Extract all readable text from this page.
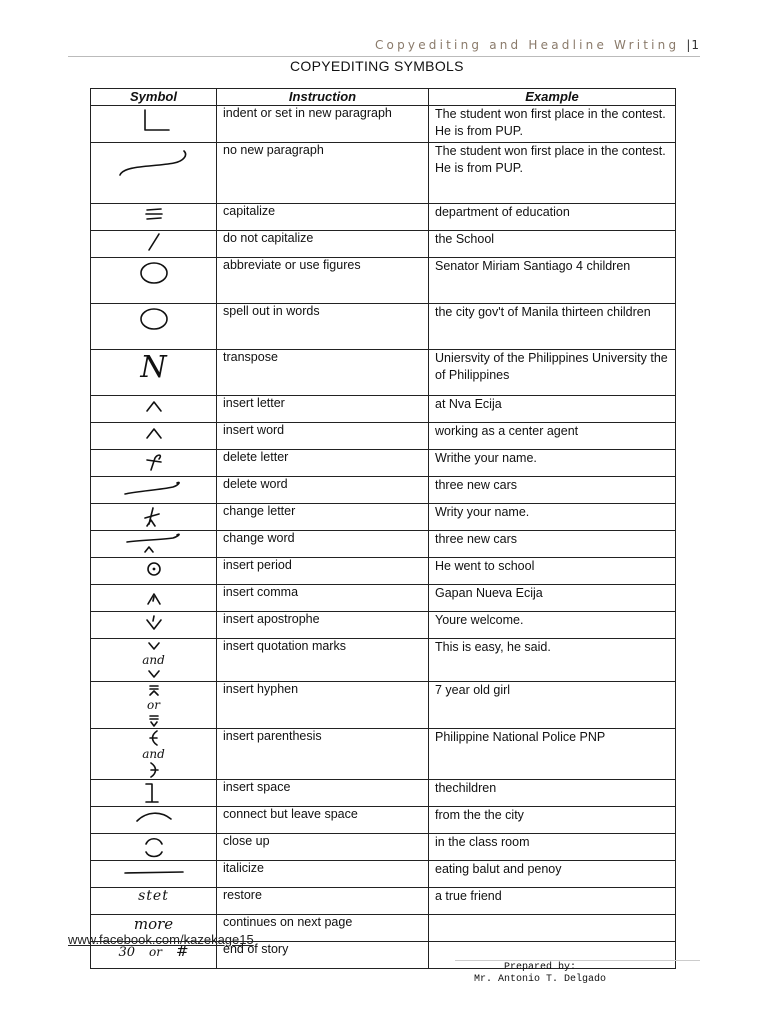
Copyediting and Headline Writing |1
COPYEDITING SYMBOLS
Symbol	Instruction	Example

	indent or set in new paragraph	The student won first place in the contest. He is from PUP.

	no new paragraph	The student won first place in the contest. He is from PUP.

	capitalize	department of education

	do not capitalize	the School

	abbreviate or use figures	Senator Miriam Santiago 4 children

	spell out in words	the city gov't of Manila thirteen children
N	transpose	Uniersvity of the Philippines University the of Philippines

	insert letter	at Nva Ecija

	insert word	working as a center agent

	delete letter	Writhe your name.

	delete word	three new cars

	change letter	Writy your name.

	change word	three new cars

	insert period	He went to school

	insert comma	Gapan Nueva Ecija

	insert apostrophe	Youre welcome.

and	insert quotation marks	This is easy, he said.

or	insert hyphen	7 year old girl

and	insert parenthesis	Philippine National Police PNP

	insert space	thechildren

	connect but leave space	from the the city

	close up	in the class room

	italicize	eating balut and penoy
stet	restore	a true friend
more	continues on next page	
30 or #	end of story	
www.facebook.com/kazekage15
Prepared by:
Mr. Antonio T. Delgado
